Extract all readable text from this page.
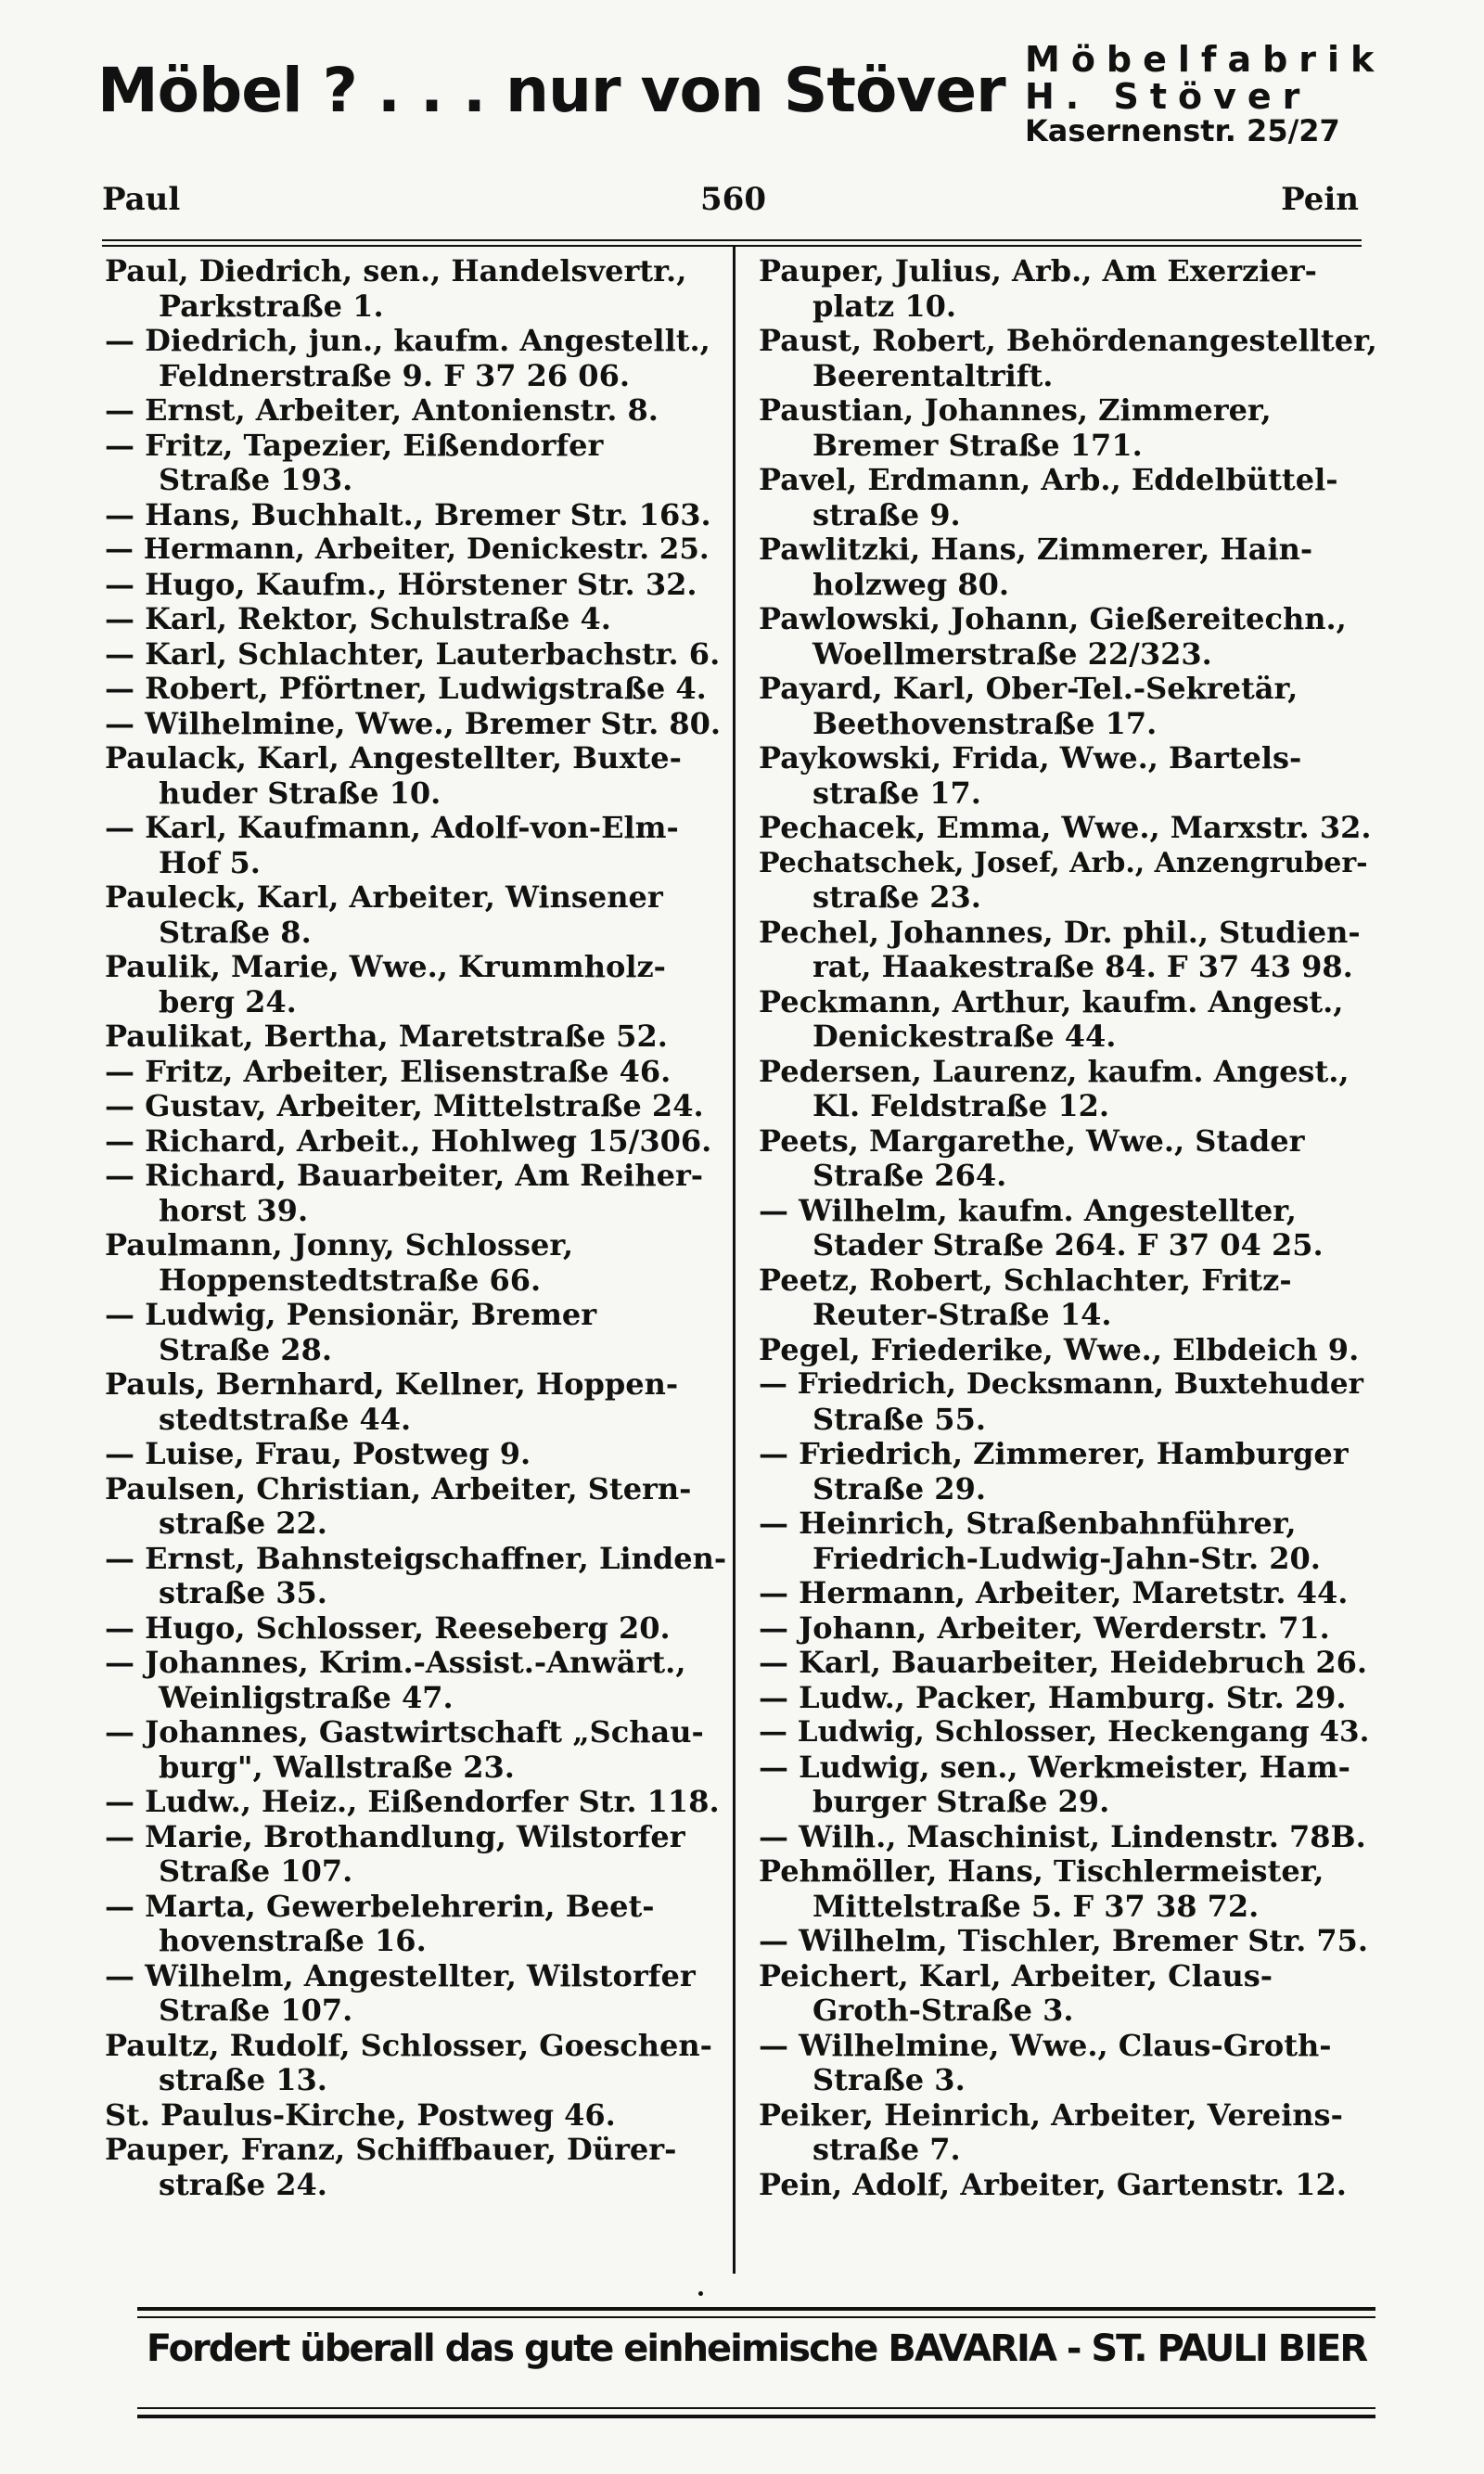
Möbel ? . . . nur von Stöver Möbelfabrik
H. Stöver
Kasernenstr. 25/27
Paul	560	Pein
Paul, Diedrich, sen., Handelsvertr.,
Parkstraße 1.
— Diedrich, jun., kaufm. Angestellt.,
Feldnerstraße 9. F 37 26 06.
— Ernst, Arbeiter, Antonienstr. 8.
— Fritz, Tapezier, Eißendorfer
Straße 193.
— Hans, Buchhalt., Bremer Str. 163.
— Hermann, Arbeiter, Denickestr. 25.
— Hugo, Kaufm., Hörstener Str. 32.
— Karl, Rektor, Schulstraße 4.
— Karl, Schlachter, Lauterbachstr. 6.
— Robert, Pförtner, Ludwigstraße 4.
— Wilhelmine, Wwe., Bremer Str. 80.
Paulack, Karl, Angestellter, Buxte-
huder Straße 10.
— Karl, Kaufmann, Adolf-von-Elm-
Hof 5.
Pauleck, Karl, Arbeiter, Winsener
Straße 8.
Paulik, Marie, Wwe., Krummholz-
berg 24.
Paulikat, Bertha, Maretstraße 52.
— Fritz, Arbeiter, Elisenstraße 46.
— Gustav, Arbeiter, Mittelstraße 24.
— Richard, Arbeit., Hohlweg 15/306.
— Richard, Bauarbeiter, Am Reiher-
horst 39.
Paulmann, Jonny, Schlosser,
Hoppenstedtstraße 66.
— Ludwig, Pensionär, Bremer
Straße 28.
Pauls, Bernhard, Kellner, Hoppen-
stedtstraße 44.
— Luise, Frau, Postweg 9.
Paulsen, Christian, Arbeiter, Stern-
straße 22.
— Ernst, Bahnsteigschaffner, Linden-
straße 35.
— Hugo, Schlosser, Reeseberg 20.
— Johannes, Krim.-Assist.-Anwärt.,
Weinligstraße 47.
— Johannes, Gastwirtschaft „Schau-
burg", Wallstraße 23.
— Ludw., Heiz., Eißendorfer Str. 118.
— Marie, Brothandlung, Wilstorfer
Straße 107.
— Marta, Gewerbelehrerin, Beet-
hovenstraße 16.
— Wilhelm, Angestellter, Wilstorfer
Straße 107.
Paultz, Rudolf, Schlosser, Goeschen-
straße 13.
St. Paulus-Kirche, Postweg 46.
Pauper, Franz, Schiffbauer, Dürer-
straße 24.
Pauper, Julius, Arb., Am Exerzier-
platz 10.
Paust, Robert, Behördenangestellter,
Beerentaltrift.
Paustian, Johannes, Zimmerer,
Bremer Straße 171.
Pavel, Erdmann, Arb., Eddelbüttel-
straße 9.
Pawlitzki, Hans, Zimmerer, Hain-
holzweg 80.
Pawlowski, Johann, Gießereitechn.,
Woellmerstraße 22/323.
Payard, Karl, Ober-Tel.-Sekretär,
Beethovenstraße 17.
Paykowski, Frida, Wwe., Bartels-
straße 17.
Pechacek, Emma, Wwe., Marxstr. 32.
Pechatschek, Josef, Arb., Anzengruber-
straße 23.
Pechel, Johannes, Dr. phil., Studien-
rat, Haakestraße 84. F 37 43 98.
Peckmann, Arthur, kaufm. Angest.,
Denickestraße 44.
Pedersen, Laurenz, kaufm. Angest.,
Kl. Feldstraße 12.
Peets, Margarethe, Wwe., Stader
Straße 264.
— Wilhelm, kaufm. Angestellter,
Stader Straße 264. F 37 04 25.
Peetz, Robert, Schlachter, Fritz-
Reuter-Straße 14.
Pegel, Friederike, Wwe., Elbdeich 9.
— Friedrich, Decksmann, Buxtehuder
Straße 55.
— Friedrich, Zimmerer, Hamburger
Straße 29.
— Heinrich, Straßenbahnführer,
Friedrich-Ludwig-Jahn-Str. 20.
— Hermann, Arbeiter, Maretstr. 44.
— Johann, Arbeiter, Werderstr. 71.
— Karl, Bauarbeiter, Heidebruch 26.
— Ludw., Packer, Hamburg. Str. 29.
— Ludwig, Schlosser, Heckengang 43.
— Ludwig, sen., Werkmeister, Ham-
burger Straße 29.
— Wilh., Maschinist, Lindenstr. 78B.
Pehmöller, Hans, Tischlermeister,
Mittelstraße 5. F 37 38 72.
— Wilhelm, Tischler, Bremer Str. 75.
Peichert, Karl, Arbeiter, Claus-
Groth-Straße 3.
— Wilhelmine, Wwe., Claus-Groth-
Straße 3.
Peiker, Heinrich, Arbeiter, Vereins-
straße 7.
Pein, Adolf, Arbeiter, Gartenstr. 12.
Fordert überall das gute einheimische BAVARIA - ST. PAULI BIER
